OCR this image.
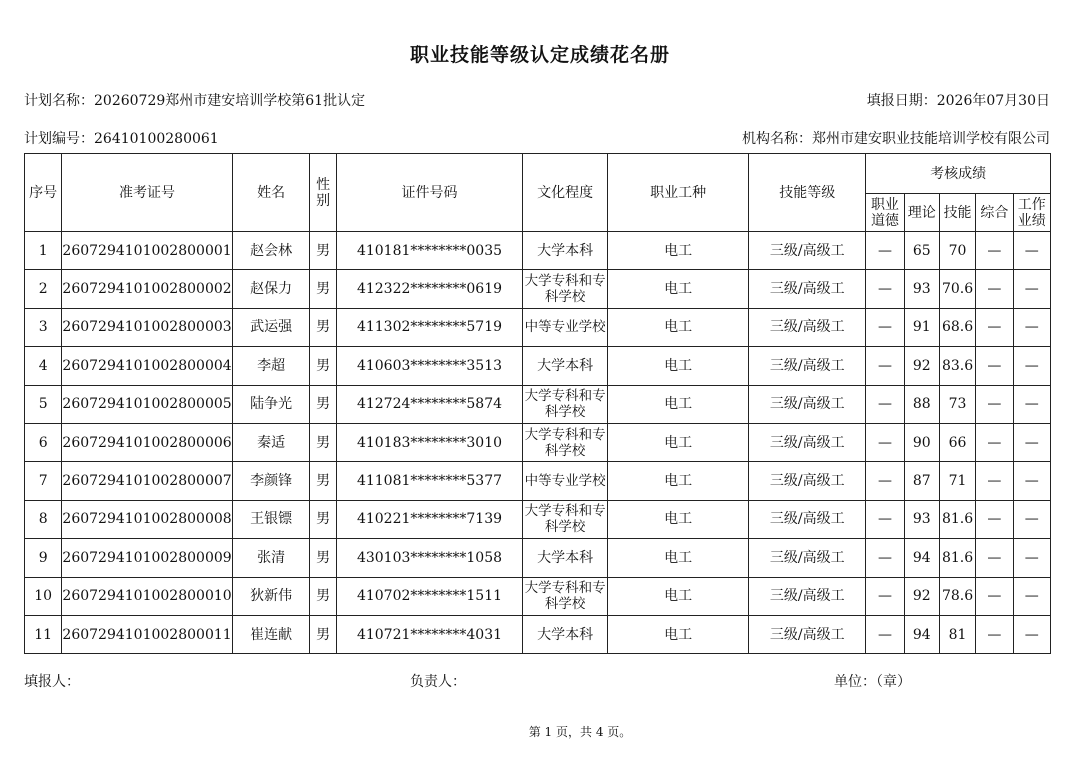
职业技能等级认定成绩花名册
计划名称：20260729郑州市建安培训学校第61批认定	填报日期：2026年07月30日
计划编号：26410100280061	机构名称：郑州市建安职业技能培训学校有限公司
序号	准考证号	姓名	性别	证件号码	文化程度	职业工种	技能等级	考核成绩				
								职业道德	理论	技能	综合	工作业绩
1	2607294101002800001	赵会林	男	410181********0035	大学本科	电工	三级/高级工	—	65	70	—	—
2	2607294101002800002	赵保力	男	412322********0619	大学专科和专科学校	电工	三级/高级工	—	93	70.6	—	—
3	2607294101002800003	武运强	男	411302********5719	中等专业学校	电工	三级/高级工	—	91	68.6	—	—
4	2607294101002800004	李超	男	410603********3513	大学本科	电工	三级/高级工	—	92	83.6	—	—
5	2607294101002800005	陆争光	男	412724********5874	大学专科和专科学校	电工	三级/高级工	—	88	73	—	—
6	2607294101002800006	秦适	男	410183********3010	大学专科和专科学校	电工	三级/高级工	—	90	66	—	—
7	2607294101002800007	李颜锋	男	411081********5377	中等专业学校	电工	三级/高级工	—	87	71	—	—
8	2607294101002800008	王银镖	男	410221********7139	大学专科和专科学校	电工	三级/高级工	—	93	81.6	—	—
9	2607294101002800009	张清	男	430103********1058	大学本科	电工	三级/高级工	—	94	81.6	—	—
10	2607294101002800010	狄新伟	男	410702********1511	大学专科和专科学校	电工	三级/高级工	—	92	78.6	—	—
11	2607294101002800011	崔连献	男	410721********4031	大学本科	电工	三级/高级工	—	94	81	—	—
填报人：	负责人：	单位：（章）
第 1 页，共 4 页。
